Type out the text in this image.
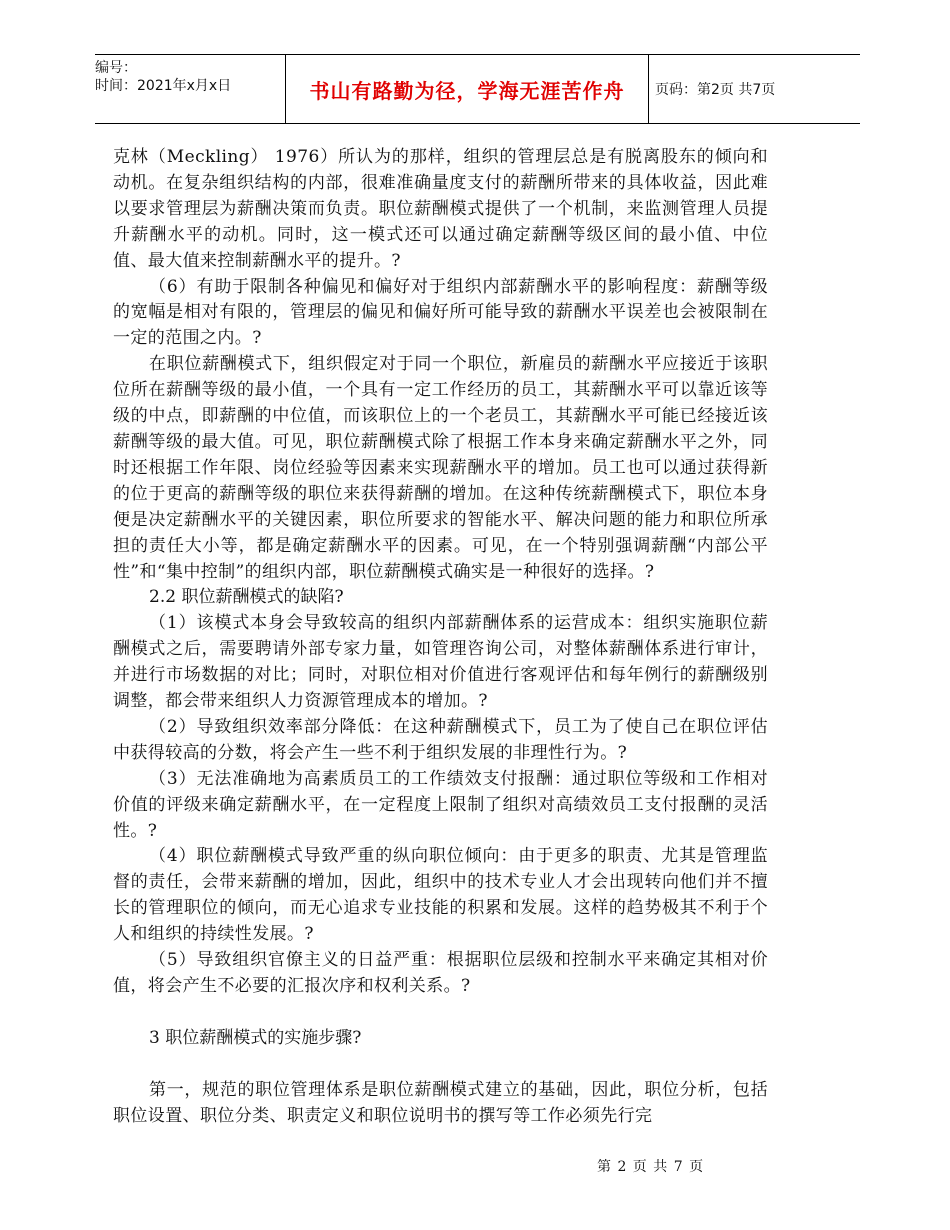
编号：
时间：2021年x月x日	书山有路勤为径，学海无涯苦作舟	页码：第2页 共7页

克林（Meckling） 1976）所认为的那样，组织的管理层总是有脱离股东的倾向和动机。在复杂组织结构的内部，很难准确量度支付的薪酬所带来的具体收益，因此难以要求管理层为薪酬决策而负责。职位薪酬模式提供了一个机制，来监测管理人员提升薪酬水平的动机。同时，这一模式还可以通过确定薪酬等级区间的最小值、中位值、最大值来控制薪酬水平的提升。?

（6）有助于限制各种偏见和偏好对于组织内部薪酬水平的影响程度：薪酬等级的宽幅是相对有限的，管理层的偏见和偏好所可能导致的薪酬水平误差也会被限制在一定的范围之内。?

在职位薪酬模式下，组织假定对于同一个职位，新雇员的薪酬水平应接近于该职位所在薪酬等级的最小值，一个具有一定工作经历的员工，其薪酬水平可以靠近该等级的中点，即薪酬的中位值，而该职位上的一个老员工，其薪酬水平可能已经接近该薪酬等级的最大值。可见，职位薪酬模式除了根据工作本身来确定薪酬水平之外，同时还根据工作年限、岗位经验等因素来实现薪酬水平的增加。员工也可以通过获得新的位于更高的薪酬等级的职位来获得薪酬的增加。在这种传统薪酬模式下，职位本身便是决定薪酬水平的关键因素，职位所要求的智能水平、解决问题的能力和职位所承担的责任大小等，都是确定薪酬水平的因素。可见，在一个特别强调薪酬“内部公平性”和“集中控制”的组织内部，职位薪酬模式确实是一种很好的选择。?

2.2 职位薪酬模式的缺陷?

（1）该模式本身会导致较高的组织内部薪酬体系的运营成本：组织实施职位薪酬模式之后，需要聘请外部专家力量，如管理咨询公司，对整体薪酬体系进行审计，并进行市场数据的对比；同时，对职位相对价值进行客观评估和每年例行的薪酬级别调整，都会带来组织人力资源管理成本的增加。?

（2）导致组织效率部分降低：在这种薪酬模式下，员工为了使自己在职位评估中获得较高的分数，将会产生一些不利于组织发展的非理性行为。?

（3）无法准确地为高素质员工的工作绩效支付报酬：通过职位等级和工作相对价值的评级来确定薪酬水平，在一定程度上限制了组织对高绩效员工支付报酬的灵活性。?

（4）职位薪酬模式导致严重的纵向职位倾向：由于更多的职责、尤其是管理监督的责任，会带来薪酬的增加，因此，组织中的技术专业人才会出现转向他们并不擅长的管理职位的倾向，而无心追求专业技能的积累和发展。这样的趋势极其不利于个人和组织的持续性发展。?

（5）导致组织官僚主义的日益严重：根据职位层级和控制水平来确定其相对价值，将会产生不必要的汇报次序和权利关系。?

3 职位薪酬模式的实施步骤?

第一，规范的职位管理体系是职位薪酬模式建立的基础，因此，职位分析，包括职位设置、职位分类、职责定义和职位说明书的撰写等工作必须先行完

第 2 页 共 7 页
